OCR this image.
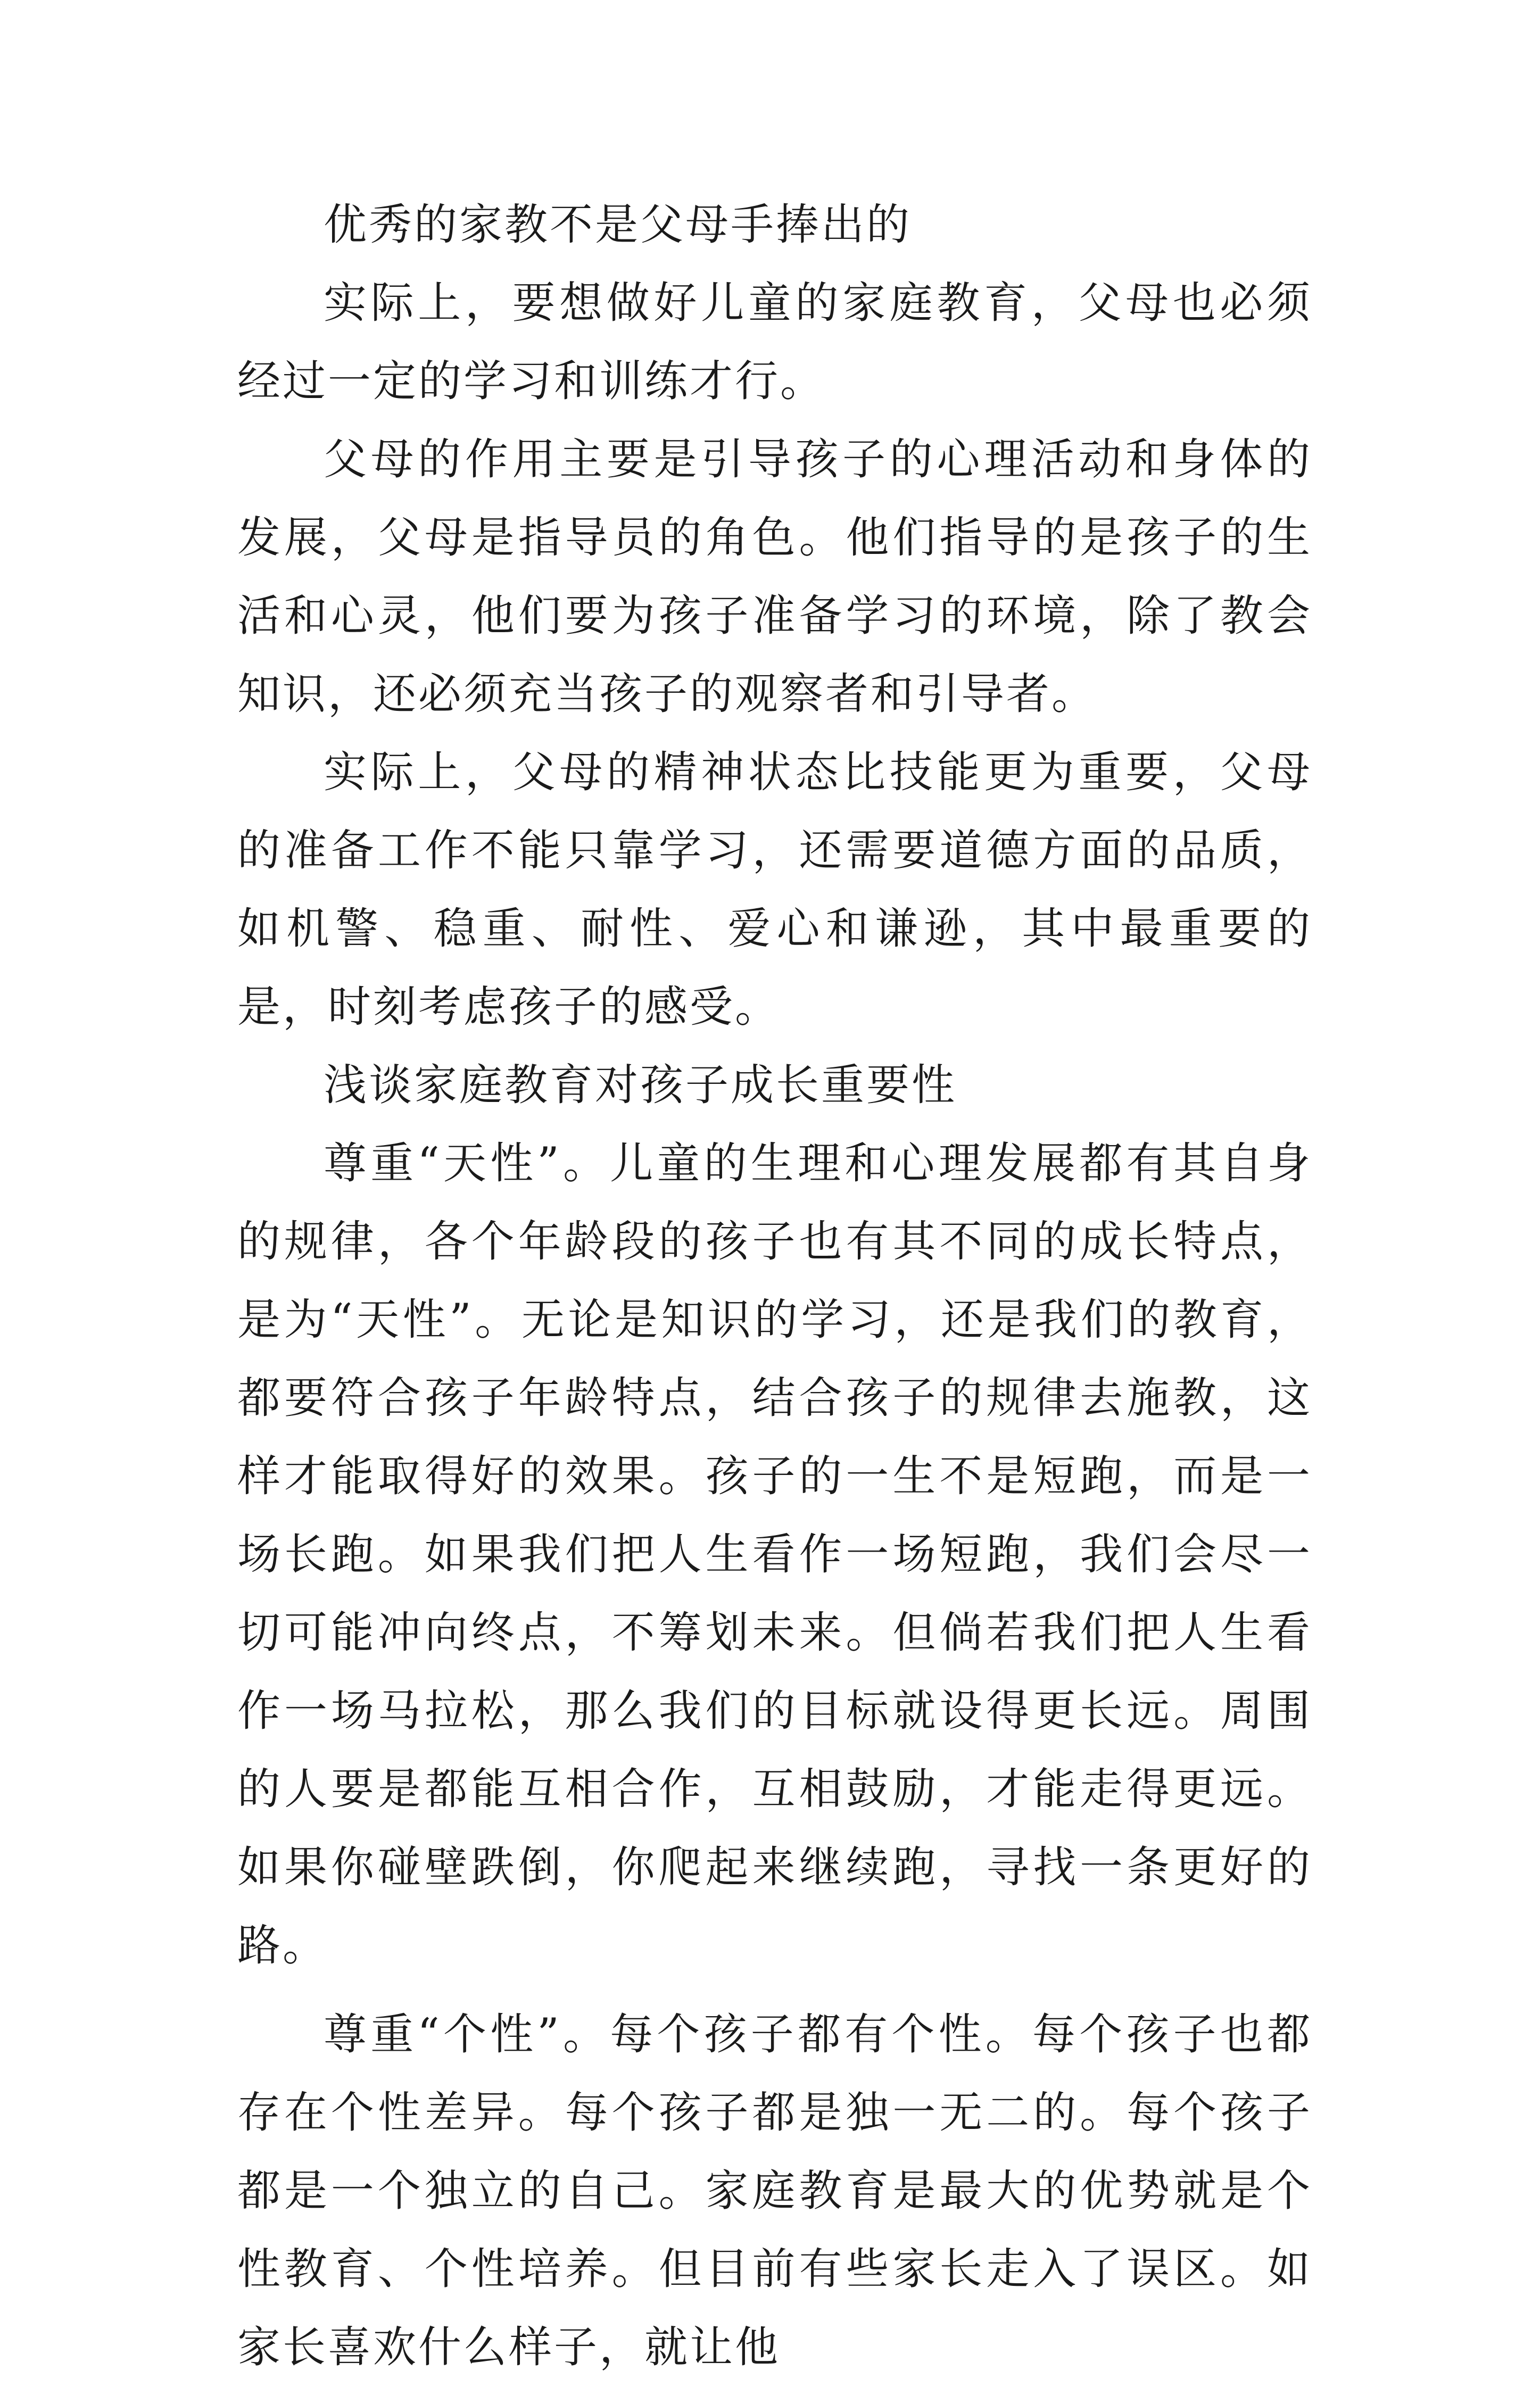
优秀的家教不是父母手捧出的

实际上，要想做好儿童的家庭教育，父母也必须经过一定的学习和训练才行。

父母的作用主要是引导孩子的心理活动和身体的发展，父母是指导员的角色。他们指导的是孩子的生活和心灵，他们要为孩子准备学习的环境，除了教会知识，还必须充当孩子的观察者和引导者。

实际上，父母的精神状态比技能更为重要，父母的准备工作不能只靠学习，还需要道德方面的品质，如机警、稳重、耐性、爱心和谦逊，其中最重要的是，时刻考虑孩子的感受。

浅谈家庭教育对孩子成长重要性

尊重“天性”。儿童的生理和心理发展都有其自身的规律，各个年龄段的孩子也有其不同的成长特点，是为“天性”。无论是知识的学习，还是我们的教育，都要符合孩子年龄特点，结合孩子的规律去施教，这样才能取得好的效果。孩子的一生不是短跑，而是一场长跑。如果我们把人生看作一场短跑，我们会尽一切可能冲向终点，不筹划未来。但倘若我们把人生看作一场马拉松，那么我们的目标就设得更长远。周围的人要是都能互相合作，互相鼓励，才能走得更远。如果你碰壁跌倒，你爬起来继续跑，寻找一条更好的路。

尊重“个性”。每个孩子都有个性。每个孩子也都存在个性差异。每个孩子都是独一无二的。每个孩子都是一个独立的自己。家庭教育是最大的优势就是个性教育、个性培养。但目前有些家长走入了误区。如家长喜欢什么样子，就让他
